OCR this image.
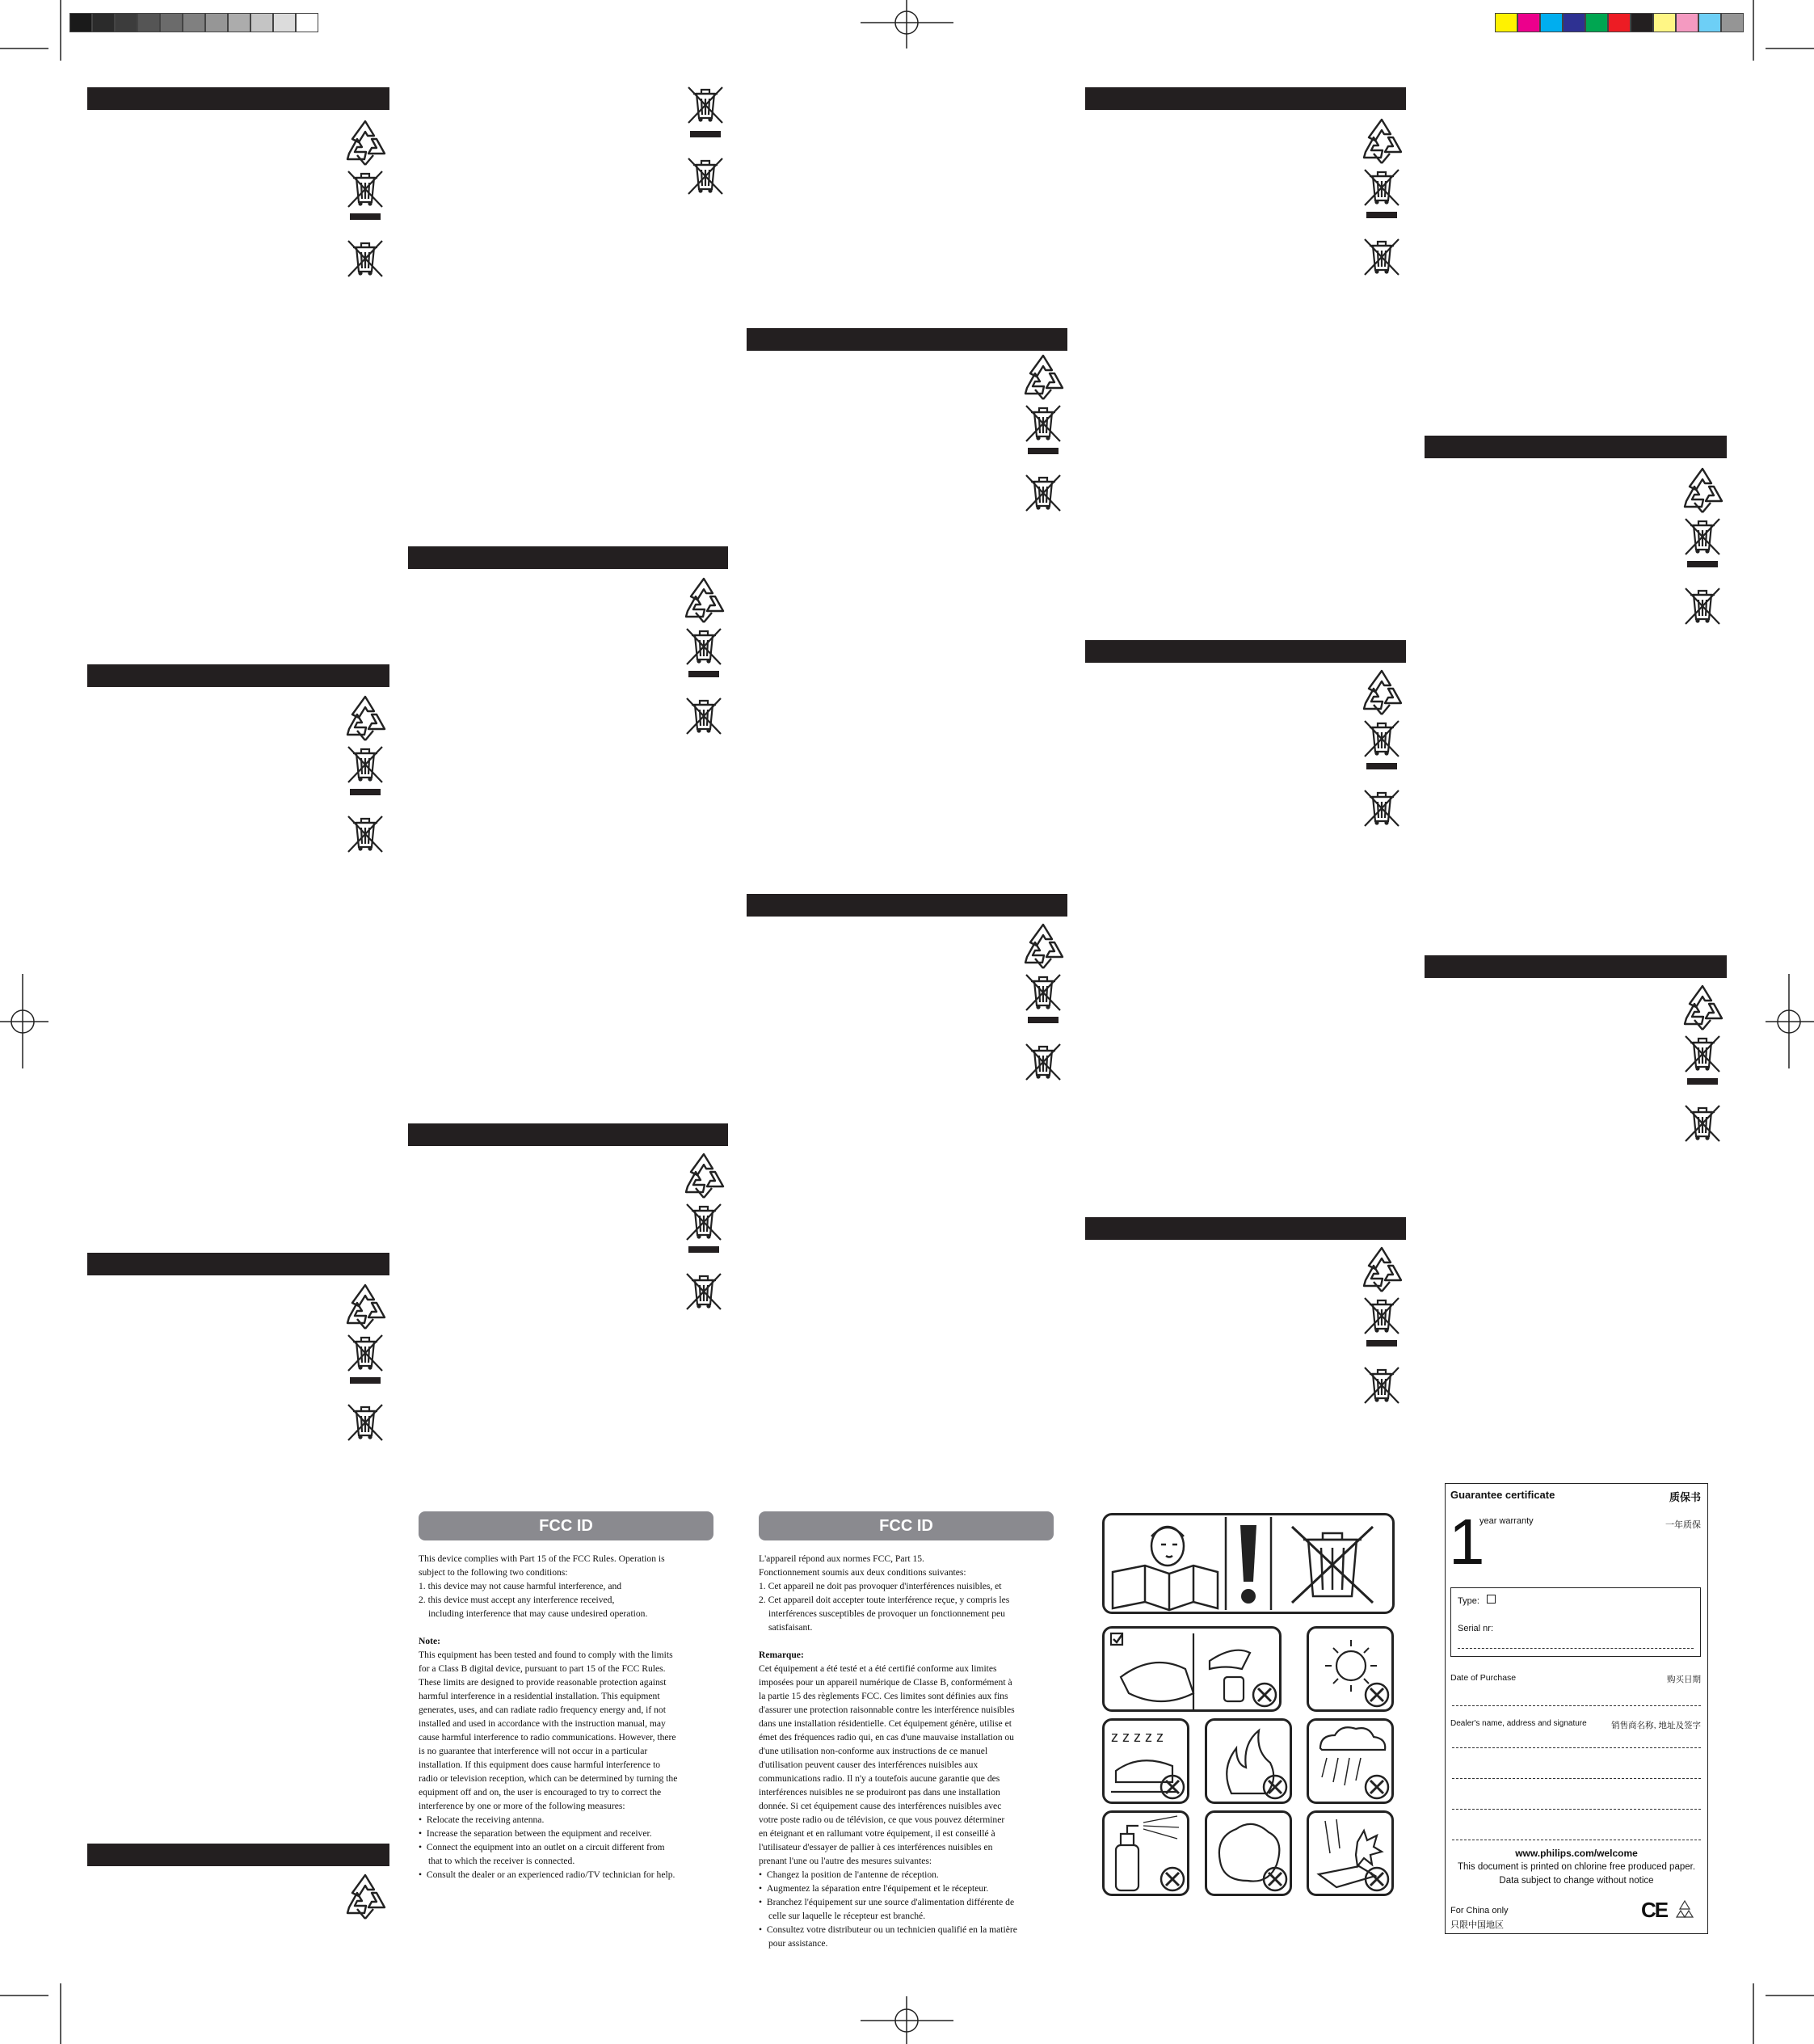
FCC ID

This device complies with Part 15 of the FCC Rules. Operation is

subject to the following two conditions:

1. this device may not cause harmful interference, and

2. this device must accept any interference received,

including interference that may cause undesired operation.

Note:

This equipment has been tested and found to comply with the limits

for a Class B digital device, pursuant to part 15 of the FCC Rules.

These limits are designed to provide reasonable protection against

harmful interference in a residential installation. This equipment

generates, uses, and can radiate radio frequency energy and, if not

installed and used in accordance with the instruction manual, may

cause harmful interference to radio communications. However, there

is no guarantee that interference will not occur in a particular

installation. If this equipment does cause harmful interference to

radio or television reception, which can be determined by turning the

equipment off and on, the user is encouraged to try to correct the

interference by one or more of the following measures:

•  Relocate the receiving antenna.

•  Increase the separation between the equipment and receiver.

•  Connect the equipment into an outlet on a circuit different from

that to which the receiver is connected.

•  Consult the dealer or an experienced radio/TV technician for help.

FCC ID

L'appareil répond aux normes FCC, Part 15.

Fonctionnement soumis aux deux conditions suivantes:

1. Cet appareil ne doit pas provoquer d'interférences nuisibles, et

2. Cet appareil doit accepter toute interférence reçue, y compris les

interférences susceptibles de provoquer un fonctionnement peu

satisfaisant.

Remarque:

Cet équipement a été testé et a été certifié conforme aux limites

imposées pour un appareil numérique de Classe B, conformément à

la partie 15 des règlements FCC. Ces limites sont définies aux fins

d'assurer une protection raisonnable contre les interférence nuisibles

dans une installation résidentielle. Cet équipement génère, utilise et

émet des fréquences radio qui, en cas d'une mauvaise installation ou

d'une utilisation non-conforme aux instructions de ce manuel

d'utilisation peuvent causer des interférences nuisibles aux

communications radio. Il n'y a toutefois aucune garantie que des

interférences nuisibles ne se produiront pas dans une installation

donnée. Si cet équipement cause des interférences nuisibles avec

votre poste radio ou de télévision, ce que vous pouvez déterminer

en éteignant et en rallumant votre équipement, il est conseillé à

l'utilisateur d'essayer de pallier à ces interférences nuisibles en

prenant l'une ou l'autre des mesures suivantes:

•  Changez la position de l'antenne de réception.

•  Augmentez la séparation entre l'équipement et le récepteur.

•  Branchez l'équipement sur une source d'alimentation différente de

celle sur laquelle le récepteur est branché.

•  Consultez votre distributeur ou un technicien qualifié en la matière

pour assistance.

z z z z z
Guarantee certificate	质保书
1
year warranty	一年质保
Type:
Serial nr:
Date of Purchase	购买日期
Dealer's name, address and signature	销售商名称, 地址及签字
www.philips.com/welcome
This document is printed on chlorine free produced paper.
Data subject to change without notice
For China only
只限中国地区
CE
